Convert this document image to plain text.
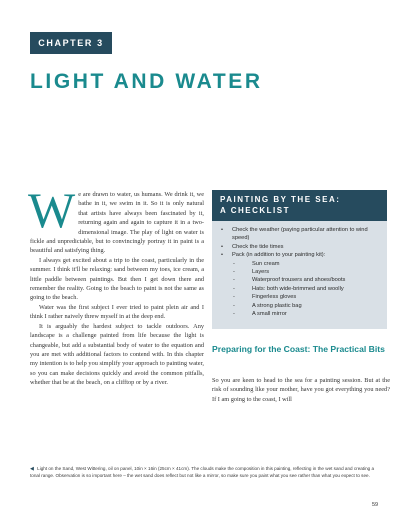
CHAPTER 3
LIGHT AND WATER

We are drawn to water, us humans. We drink it, we bathe in it, we swim in it. So it is only natural that artists have always been fascinated by it, returning again and again to capture it in a two-dimensional image. The play of light on water is fickle and unpredictable, but to convincingly portray it in paint is a beautiful and satisfying thing.

I always get excited about a trip to the coast, particularly in the summer. I think it'll be relaxing: sand between my toes, ice cream, a little paddle between paintings. But then I get down there and remember the reality. Going to the beach to paint is not the same as going to the beach.

Water was the first subject I ever tried to paint plein air and I think I rather naively threw myself in at the deep end.

It is arguably the hardest subject to tackle outdoors. Any landscape is a challenge painted from life because the light is changeable, but add a substantial body of water to the equation and you are met with additional factors to contend with. In this chapter my intention is to help you simplify your approach to painting water, so you can make decisions quickly and avoid the common pitfalls, whether that be at the beach, on a clifftop or by a river.

PAINTING BY THE SEA:
A CHECKLIST
• Check the weather (paying particular attention to wind speed)
• Check the tide times
• Pack (in addition to your painting kit):
-	Sun cream
-	Layers
-	Waterproof trousers and shoes/boots
-	Hats: both wide-brimmed and woolly
-	Fingerless gloves
-	A strong plastic bag
-	A small mirror
Preparing for the Coast: The Practical Bits

So you are keen to head to the sea for a painting session. But at the risk of sounding like your mother, have you got everything you need? If I am going to the coast, I will

◀ Light on the Sand, West Wittering, oil on panel, 10in × 16in (25cm × 41cm). The clouds make the composition in this painting, reflecting in the wet sand and creating a tonal range. Observation is so important here – the wet sand does reflect but not like a mirror, so make sure you paint what you see rather than what you expect to see.
59
